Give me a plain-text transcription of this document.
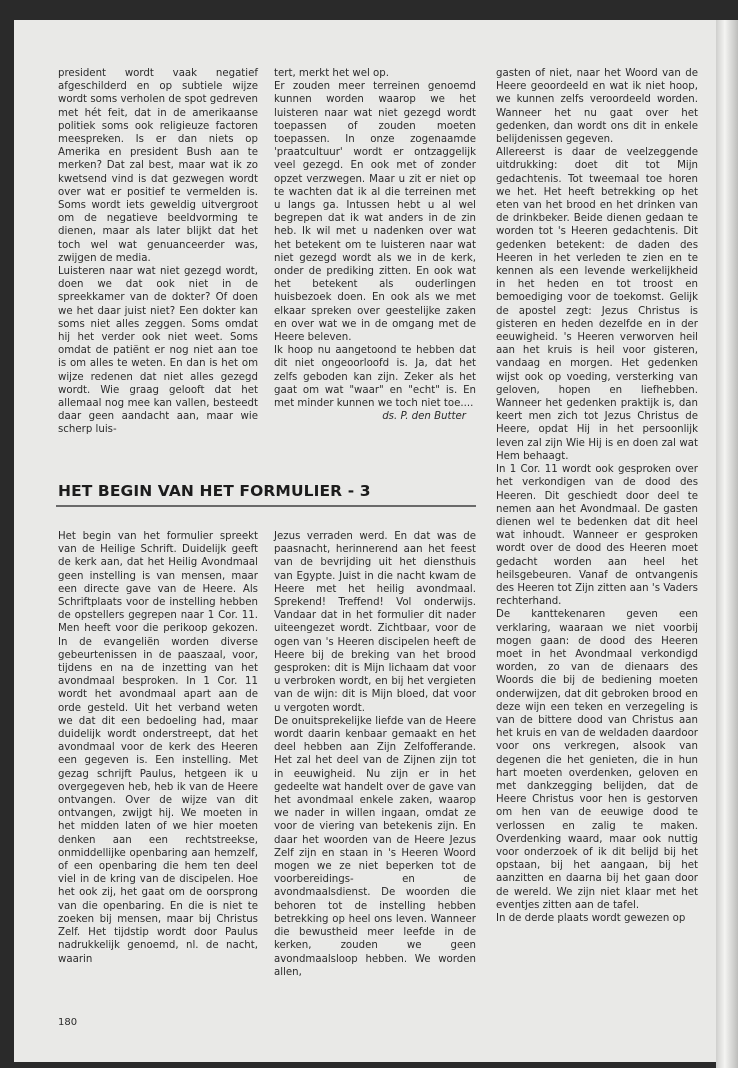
president wordt vaak negatief afgeschilderd en op subtiele wijze wordt soms verholen de spot gedreven met hét feit, dat in de amerikaanse politiek soms ook religieuze factoren meespreken. Is er dan niets op Amerika en president Bush aan te merken? Dat zal best, maar wat ik zo kwetsend vind is dat gezwegen wordt over wat er positief te vermelden is. Soms wordt iets geweldig uitvergroot om de negatieve beeldvorming te dienen, maar als later blijkt dat het toch wel wat genuanceerder was, zwijgen de media.

Luisteren naar wat niet gezegd wordt, doen we dat ook niet in de spreekkamer van de dokter? Of doen we het daar juist niet? Een dokter kan soms niet alles zeggen. Soms omdat hij het verder ook niet weet. Soms omdat de patiënt er nog niet aan toe is om alles te weten. En dan is het om wijze redenen dat niet alles gezegd wordt. Wie graag gelooft dat het allemaal nog mee kan vallen, besteedt daar geen aandacht aan, maar wie scherp luis-

tert, merkt het wel op.

Er zouden meer terreinen genoemd kunnen worden waarop we het luisteren naar wat niet gezegd wordt toepassen of zouden moeten toepassen. In onze zogenaamde 'praatcultuur' wordt er ontzaggelijk veel gezegd. En ook met of zonder opzet verzwegen. Maar u zit er niet op te wachten dat ik al die terreinen met u langs ga. Intussen hebt u al wel begrepen dat ik wat anders in de zin heb. Ik wil met u nadenken over wat het betekent om te luisteren naar wat niet gezegd wordt als we in de kerk, onder de prediking zitten. En ook wat het betekent als ouderlingen huisbezoek doen. En ook als we met elkaar spreken over geestelijke zaken en over wat we in de omgang met de Heere beleven.

Ik hoop nu aangetoond te hebben dat dit niet ongeoorloofd is. Ja, dat het zelfs geboden kan zijn. Zeker als het gaat om wat "waar" en "echt" is. En met minder kunnen we toch niet toe....

ds. P. den Butter

HET BEGIN VAN HET FORMULIER - 3

Het begin van het formulier spreekt van de Heilige Schrift. Duidelijk geeft de kerk aan, dat het Heilig Avondmaal geen instelling is van mensen, maar een directe gave van de Heere. Als Schriftplaats voor de instelling hebben de opstellers gegrepen naar 1 Cor. 11. Men heeft voor die perikoop gekozen. In de evangeliën worden diverse gebeurtenissen in de paaszaal, voor, tijdens en na de inzetting van het avondmaal besproken. In 1 Cor. 11 wordt het avondmaal apart aan de orde gesteld. Uit het verband weten we dat dit een bedoeling had, maar duidelijk wordt onderstreept, dat het avondmaal voor de kerk des Heeren een gegeven is. Een instelling. Met gezag schrijft Paulus, hetgeen ik u overgegeven heb, heb ik van de Heere ontvangen. Over de wijze van dit ontvangen, zwijgt hij. We moeten in het midden laten of we hier moeten denken aan een rechtstreekse, onmiddellijke openbaring aan hemzelf, of een openbaring die hem ten deel viel in de kring van de discipelen. Hoe het ook zij, het gaat om de oorsprong van die openbaring. En die is niet te zoeken bij mensen, maar bij Christus Zelf. Het tijdstip wordt door Paulus nadrukkelijk genoemd, nl. de nacht, waarin

Jezus verraden werd. En dat was de paasnacht, herinnerend aan het feest van de bevrijding uit het diensthuis van Egypte. Juist in die nacht kwam de Heere met het heilig avondmaal. Sprekend! Treffend! Vol onderwijs. Vandaar dat in het formulier dit nader uiteengezet wordt. Zichtbaar, voor de ogen van 's Heeren discipelen heeft de Heere bij de breking van het brood gesproken: dit is Mijn lichaam dat voor u verbroken wordt, en bij het vergieten van de wijn: dit is Mijn bloed, dat voor u vergoten wordt.

De onuitsprekelijke liefde van de Heere wordt daarin kenbaar gemaakt en het deel hebben aan Zijn Zelfofferande. Het zal het deel van de Zijnen zijn tot in eeuwigheid. Nu zijn er in het gedeelte wat handelt over de gave van het avondmaal enkele zaken, waarop we nader in willen ingaan, omdat ze voor de viering van betekenis zijn. En daar het woorden van de Heere Jezus Zelf zijn en staan in 's Heeren Woord mogen we ze niet beperken tot de voorbereidings- en de avondmaalsdienst. De woorden die behoren tot de instelling hebben betrekking op heel ons leven. Wanneer die bewustheid meer leefde in de kerken, zouden we geen avondmaalsloop hebben. We worden allen,

gasten of niet, naar het Woord van de Heere geoordeeld en wat ik niet hoop, we kunnen zelfs veroordeeld worden. Wanneer het nu gaat over het gedenken, dan wordt ons dit in enkele belijdenissen gegeven.

Allereerst is daar de veelzeggende uitdrukking: doet dit tot Mijn gedachtenis. Tot tweemaal toe horen we het. Het heeft betrekking op het eten van het brood en het drinken van de drinkbeker. Beide dienen gedaan te worden tot 's Heeren gedachtenis. Dit gedenken betekent: de daden des Heeren in het verleden te zien en te kennen als een levende werkelijkheid in het heden en tot troost en bemoediging voor de toekomst. Gelijk de apostel zegt: Jezus Christus is gisteren en heden dezelfde en in der eeuwigheid. 's Heeren verworven heil aan het kruis is heil voor gisteren, vandaag en morgen. Het gedenken wijst ook op voeding, versterking van geloven, hopen en liefhebben. Wanneer het gedenken praktijk is, dan keert men zich tot Jezus Christus de Heere, opdat Hij in het persoonlijk leven zal zijn Wie Hij is en doen zal wat Hem behaagt.

In 1 Cor. 11 wordt ook gesproken over het verkondigen van de dood des Heeren. Dit geschiedt door deel te nemen aan het Avondmaal. De gasten dienen wel te bedenken dat dit heel wat inhoudt. Wanneer er gesproken wordt over de dood des Heeren moet gedacht worden aan heel het heilsgebeuren. Vanaf de ontvangenis des Heeren tot Zijn zitten aan 's Vaders rechterhand.

De kanttekenaren geven een verklaring, waaraan we niet voorbij mogen gaan: de dood des Heeren moet in het Avondmaal verkondigd worden, zo van de dienaars des Woords die bij de bediening moeten onderwijzen, dat dit gebroken brood en deze wijn een teken en verzegeling is van de bittere dood van Christus aan het kruis en van de weldaden daardoor voor ons verkregen, alsook van degenen die het genieten, die in hun hart moeten overdenken, geloven en met dankzegging belijden, dat de Heere Christus voor hen is gestorven om hen van de eeuwige dood te verlossen en zalig te maken. Overdenking waard, maar ook nuttig voor onderzoek of ik dit belijd bij het opstaan, bij het aangaan, bij het aanzitten en daarna bij het gaan door de wereld. We zijn niet klaar met het eventjes zitten aan de tafel.

In de derde plaats wordt gewezen op

180
